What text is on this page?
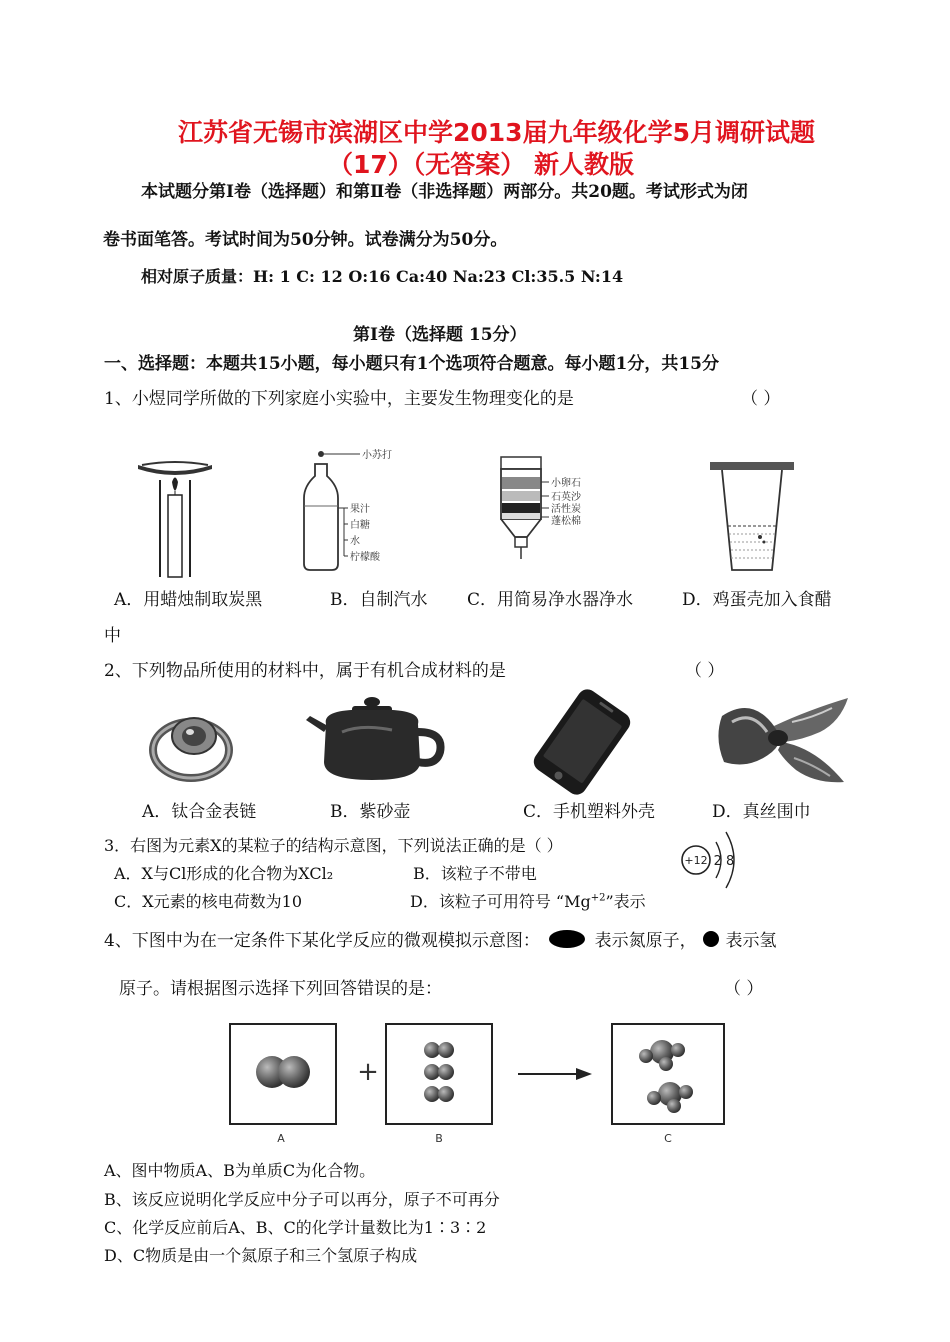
江苏省无锡市滨湖区中学2013届九年级化学5月调研试题
（17）（无答案） 新人教版
本试题分第Ⅰ卷（选择题）和第Ⅱ卷（非选择题）两部分。共20题。考试形式为闭
卷书面笔答。考试时间为50分钟。试卷满分为50分。
相对原子质量：H: 1 C: 12 O:16 Ca:40 Na:23 Cl:35.5 N:14
第Ⅰ卷（选择题 15分）
一、选择题：本题共15小题，每小题只有1个选项符合题意。每小题1分，共15分
1、小煜同学所做的下列家庭小实验中，主要发生物理变化的是	（ ）
小苏打
果汁
白糖
水
柠檬酸
小卵石
石英沙
活性炭
蓬松棉
A．用蜡烛制取炭黑	B．自制汽水 C．用简易净水器净水	D．鸡蛋壳加入食醋
中
2、下列物品所使用的材料中，属于有机合成材料的是	（ ）
A．钛合金表链	B．紫砂壶	C．手机塑料外壳	D．真丝围巾
3．右图为元素X的某粒子的结构示意图，下列说法正确的是（ ）
+12 2 8
A．X与Cl形成的化合物为XCl₂	B．该粒子不带电
C．X元素的核电荷数为10	D．该粒子可用符号 “$Mg^{+2}$”表示
4、下图中为在一定条件下某化学反应的微观模拟示意图：	表示氮原子， 表示氢
原子。请根据图示选择下列回答错误的是：	（ ）
+
A	B	C
A、图中物质A、B为单质C为化合物。
B、该反应说明化学反应中分子可以再分，原子不可再分
C、化学反应前后A、B、C的化学计量数比为1∶3∶2
D、C物质是由一个氮原子和三个氢原子构成
